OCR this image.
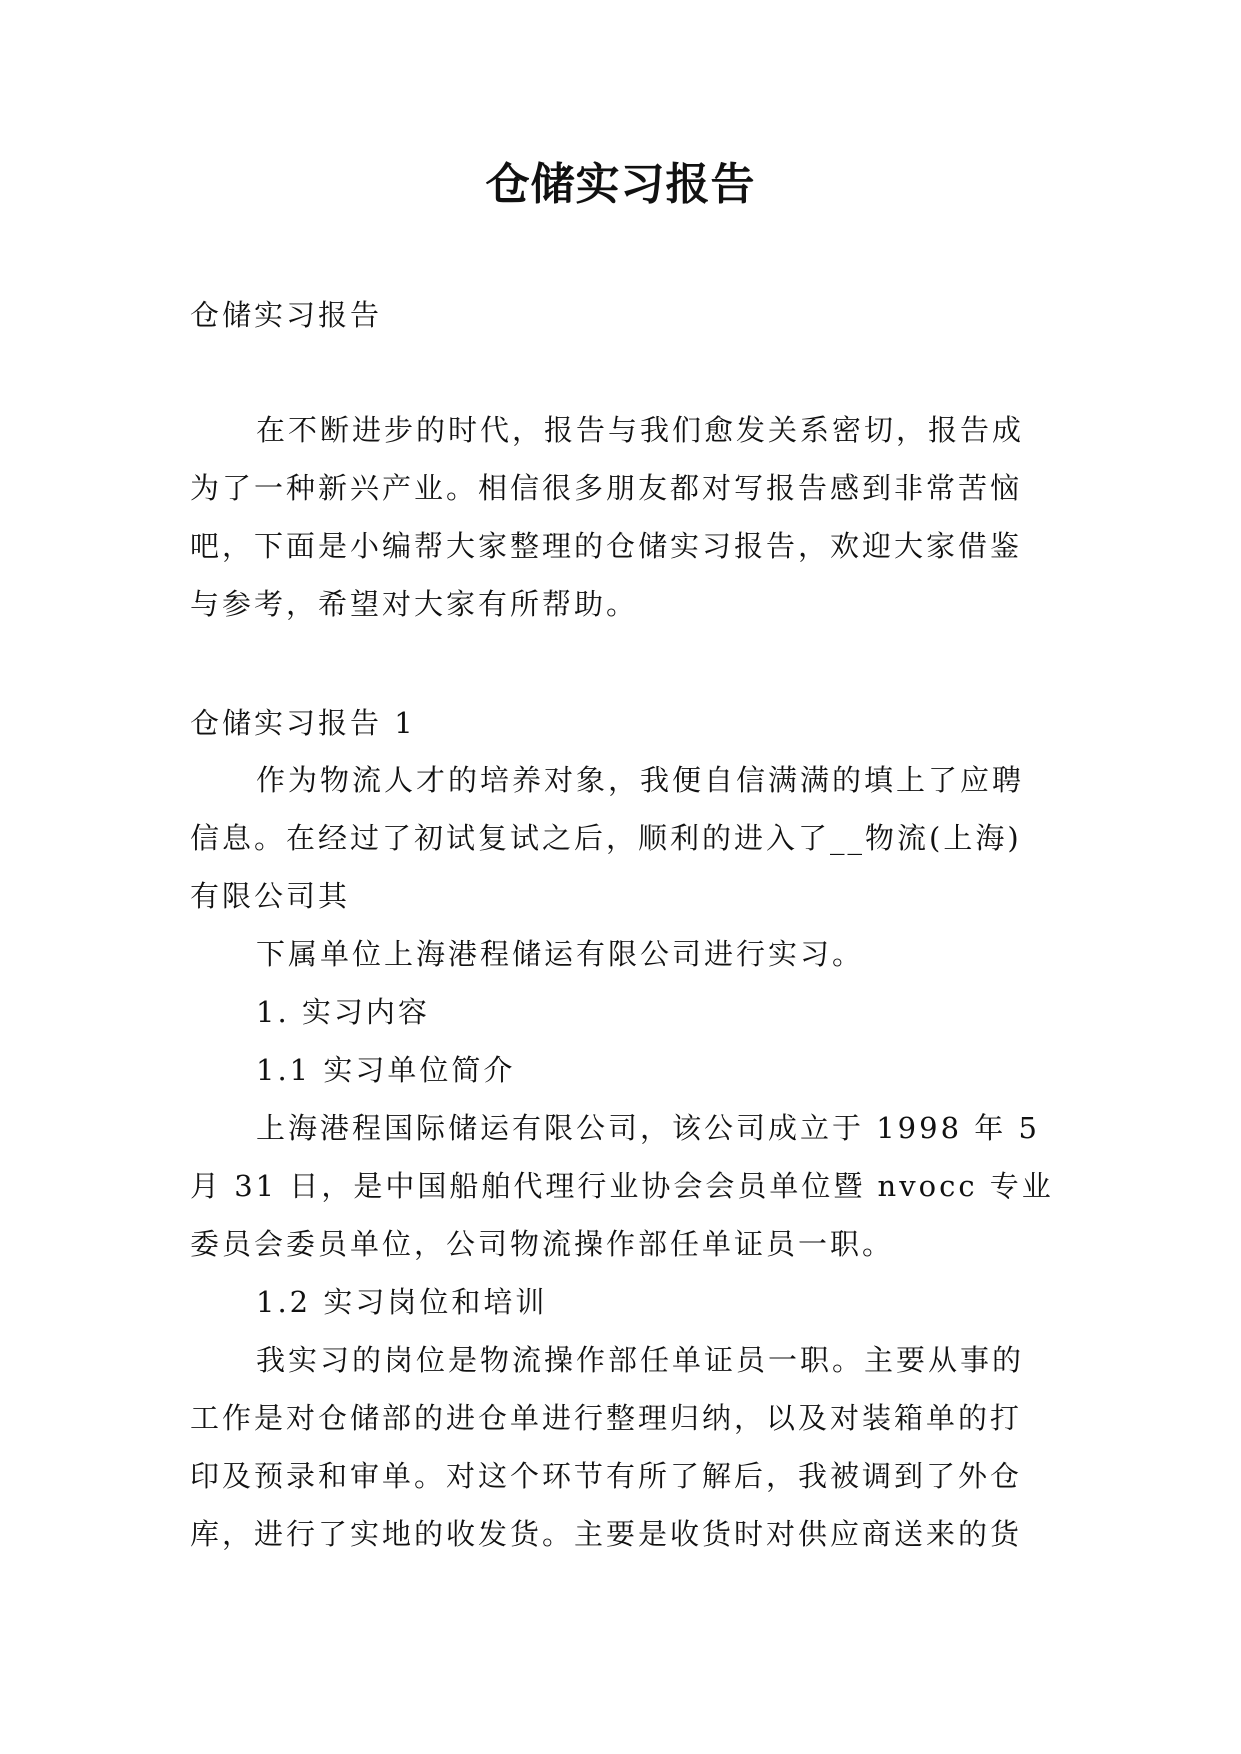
仓储实习报告
仓储实习报告
在不断进步的时代，报告与我们愈发关系密切，报告成
为了一种新兴产业。相信很多朋友都对写报告感到非常苦恼
吧，下面是小编帮大家整理的仓储实习报告，欢迎大家借鉴
与参考，希望对大家有所帮助。
仓储实习报告 1
作为物流人才的培养对象，我便自信满满的填上了应聘
信息。在经过了初试复试之后，顺利的进入了__物流(上海)
有限公司其
下属单位上海港程储运有限公司进行实习。
1. 实习内容
1.1 实习单位简介
上海港程国际储运有限公司，该公司成立于 1998 年 5
月 31 日，是中国船舶代理行业协会会员单位暨 nvocc 专业
委员会委员单位，公司物流操作部任单证员一职。
1.2 实习岗位和培训
我实习的岗位是物流操作部任单证员一职。主要从事的
工作是对仓储部的进仓单进行整理归纳，以及对装箱单的打
印及预录和审单。对这个环节有所了解后，我被调到了外仓
库，进行了实地的收发货。主要是收货时对供应商送来的货
